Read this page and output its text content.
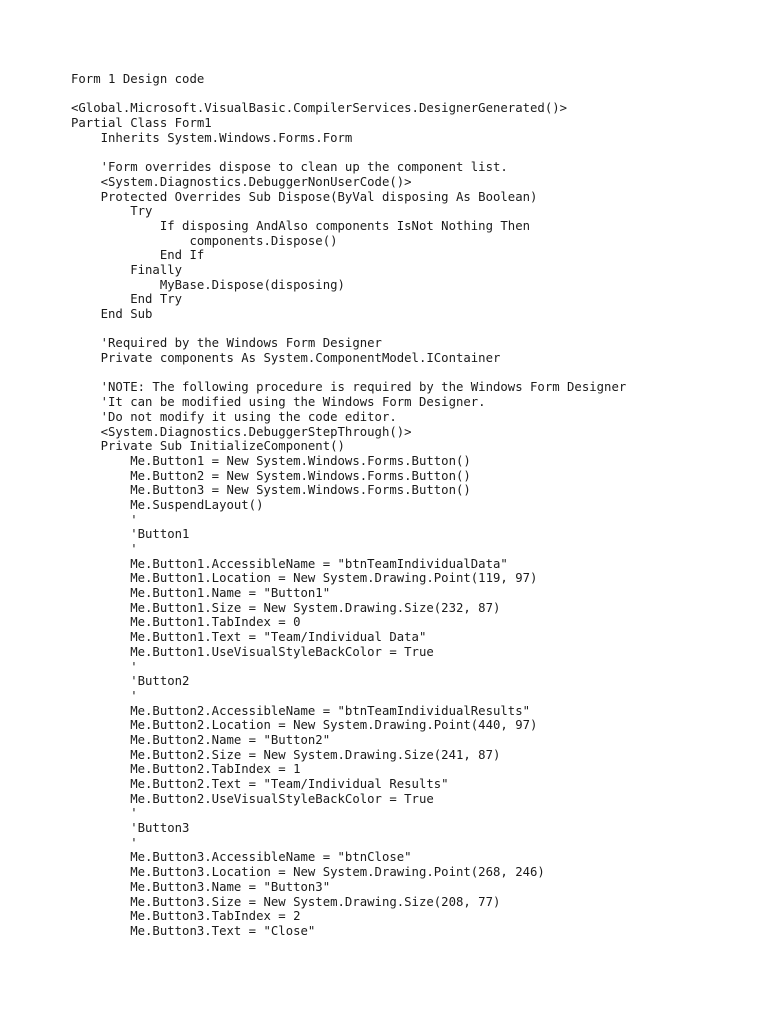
Form 1 Design code
<Global.Microsoft.VisualBasic.CompilerServices.DesignerGenerated()>
Partial Class Form1
Inherits System.Windows.Forms.Form
'Form overrides dispose to clean up the component list.
<System.Diagnostics.DebuggerNonUserCode()>
Protected Overrides Sub Dispose(ByVal disposing As Boolean)
Try
If disposing AndAlso components IsNot Nothing Then
components.Dispose()
End If
Finally
MyBase.Dispose(disposing)
End Try
End Sub
'Required by the Windows Form Designer
Private components As System.ComponentModel.IContainer
'NOTE: The following procedure is required by the Windows Form Designer
'It can be modified using the Windows Form Designer.
'Do not modify it using the code editor.
<System.Diagnostics.DebuggerStepThrough()>
Private Sub InitializeComponent()
Me.Button1 = New System.Windows.Forms.Button()
Me.Button2 = New System.Windows.Forms.Button()
Me.Button3 = New System.Windows.Forms.Button()
Me.SuspendLayout()
'
'Button1
'
Me.Button1.AccessibleName = "btnTeamIndividualData"
Me.Button1.Location = New System.Drawing.Point(119, 97)
Me.Button1.Name = "Button1"
Me.Button1.Size = New System.Drawing.Size(232, 87)
Me.Button1.TabIndex = 0
Me.Button1.Text = "Team/Individual Data"
Me.Button1.UseVisualStyleBackColor = True
'
'Button2
'
Me.Button2.AccessibleName = "btnTeamIndividualResults"
Me.Button2.Location = New System.Drawing.Point(440, 97)
Me.Button2.Name = "Button2"
Me.Button2.Size = New System.Drawing.Size(241, 87)
Me.Button2.TabIndex = 1
Me.Button2.Text = "Team/Individual Results"
Me.Button2.UseVisualStyleBackColor = True
'
'Button3
'
Me.Button3.AccessibleName = "btnClose"
Me.Button3.Location = New System.Drawing.Point(268, 246)
Me.Button3.Name = "Button3"
Me.Button3.Size = New System.Drawing.Size(208, 77)
Me.Button3.TabIndex = 2
Me.Button3.Text = "Close"
